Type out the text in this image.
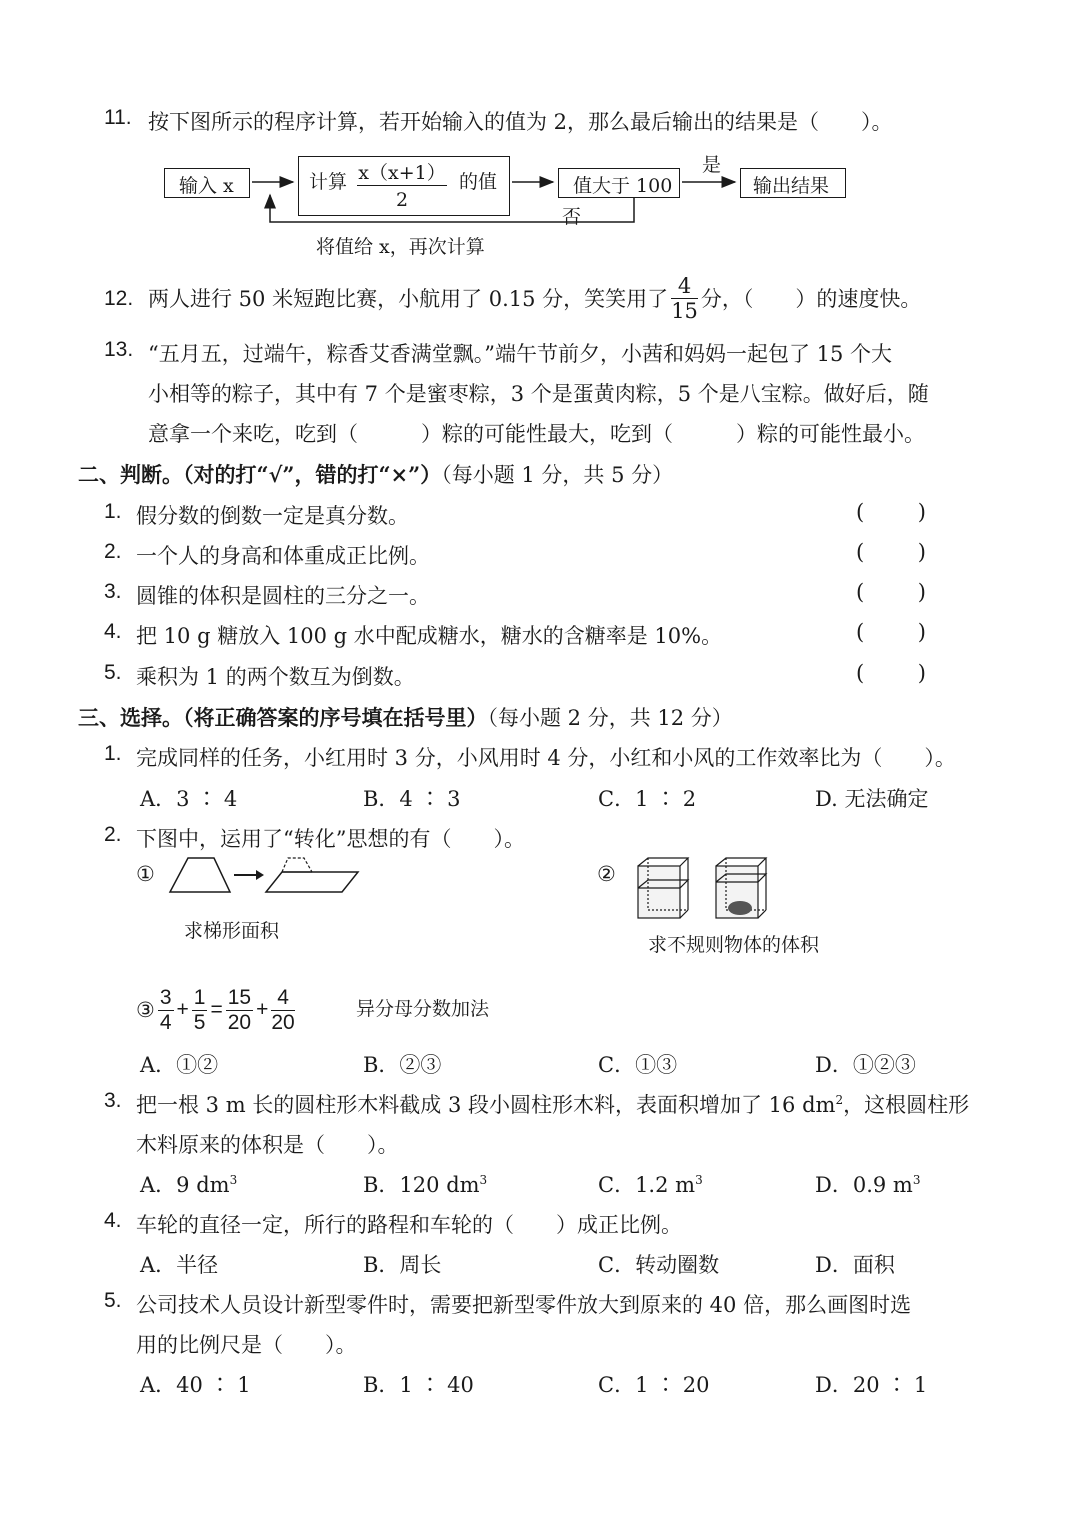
11. 按下图所示的程序计算，若开始输入的值为 2，那么最后输出的结果是（　　）。
输入 x	计算 x（x+1）
2
的值	值大于 100	输出结果
是
否
将值给 x，再次计算
12. 两人进行 50 米短跑比赛，小航用了 0.15 分，笑笑用了 $\frac{4}{15}$ 分，（　　）的速度快。
13. “五月五，过端午，粽香艾香满堂飘。”端午节前夕，小茜和妈妈一起包了 15 个大
小相等的粽子，其中有 7 个是蜜枣粽，3 个是蛋黄肉粽，5 个是八宝粽。做好后，随
意拿一个来吃，吃到（　　　）粽的可能性最大，吃到（　　　）粽的可能性最小。
二、判断。（对的打“√”，错的打“×”）（每小题 1 分，共 5 分）
1. 假分数的倒数一定是真分数。	(	)
2. 一个人的身高和体重成正比例。	(	)
3. 圆锥的体积是圆柱的三分之一。	(	)
4. 把 10 g 糖放入 100 g 水中配成糖水，糖水的含糖率是 10%。	(	)
5. 乘积为 1 的两个数互为倒数。	(	)
三、选择。（将正确答案的序号填在括号里）（每小题 2 分，共 12 分）
1. 完成同样的任务，小红用时 3 分，小风用时 4 分，小红和小风的工作效率比为（　　）。
A．3 ∶ 4	B．4 ∶ 3	C．1 ∶ 2	D. 无法确定
2. 下图中，运用了“转化”思想的有（　　）。
①
求梯形面积
②
求不规则物体的体积
③ $\frac{3}{4} + \frac{1}{5} = \frac{15}{20} + \frac{4}{20}$	异分母分数加法
A．①②	B．②③	C．①③	D．①②③
3. 把一根 3 m 长的圆柱形木料截成 3 段小圆柱形木料，表面积增加了 16 $dm^2$，这根圆柱形
木料原来的体积是（　　）。
A．9 $dm^3$	B．120 $dm^3$	C．1.2 $m^3$	D．0.9 $m^3$
4. 车轮的直径一定，所行的路程和车轮的（　　）成正比例。
A．半径	B．周长	C．转动圈数	D．面积
5. 公司技术人员设计新型零件时，需要把新型零件放大到原来的 40 倍，那么画图时选
用的比例尺是（　　）。
A．40 ∶ 1	B．1 ∶ 40	C．1 ∶ 20	D．20 ∶ 1
